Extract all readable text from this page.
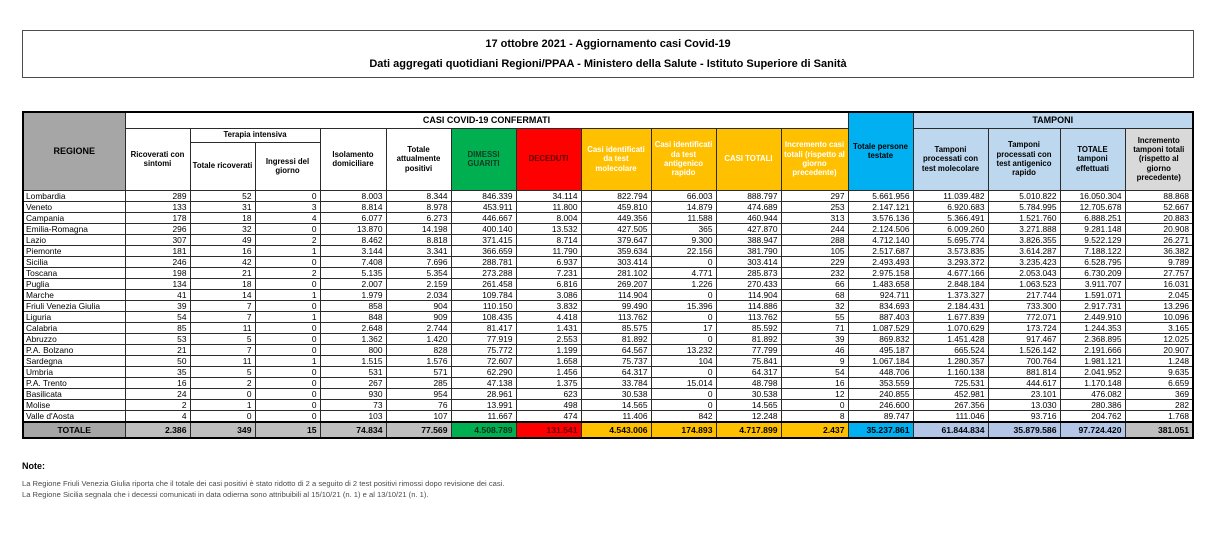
17 ottobre 2021 - Aggiornamento casi Covid-19
Dati aggregati quotidiani Regioni/PPAA - Ministero della Salute - Istituto Superiore di Sanità
REGIONE	CASI COVID-19 CONFERMATI											Totale persone testate	TAMPONI			
	Ricoverati con sintomi	Terapia intensiva		Isolamento domiciliare	Totale attualmente positivi	DIMESSI GUARITI	DECEDUTI	Casi identificati da test molecolare	Casi identificati da test antigenico rapido	CASI TOTALI	Incremento casi totali (rispetto al giorno precedente)		Tamponi processati con test molecolare	Tamponi processati con test antigenico rapido	TOTALE tamponi effettuati	Incremento tamponi totali (rispetto al giorno precedente)
		Totale ricoverati	Ingressi del giorno													
Lombardia	289	52	0	8.003	8.344	846.339	34.114	822.794	66.003	888.797	297	5.661.956	11.039.482	5.010.822	16.050.304	88.868
Veneto	133	31	3	8.814	8.978	453.911	11.800	459.810	14.879	474.689	253	2.147.121	6.920.683	5.784.995	12.705.678	52.667
Campania	178	18	4	6.077	6.273	446.667	8.004	449.356	11.588	460.944	313	3.576.136	5.366.491	1.521.760	6.888.251	20.883
Emilia-Romagna	296	32	0	13.870	14.198	400.140	13.532	427.505	365	427.870	244	2.124.506	6.009.260	3.271.888	9.281.148	20.908
Lazio	307	49	2	8.462	8.818	371.415	8.714	379.647	9.300	388.947	288	4.712.140	5.695.774	3.826.355	9.522.129	26.271
Piemonte	181	16	1	3.144	3.341	366.659	11.790	359.634	22.156	381.790	105	2.517.687	3.573.835	3.614.287	7.188.122	36.382
Sicilia	246	42	0	7.408	7.696	288.781	6.937	303.414	0	303.414	229	2.493.493	3.293.372	3.235.423	6.528.795	9.789
Toscana	198	21	2	5.135	5.354	273.288	7.231	281.102	4.771	285.873	232	2.975.158	4.677.166	2.053.043	6.730.209	27.757
Puglia	134	18	0	2.007	2.159	261.458	6.816	269.207	1.226	270.433	66	1.483.658	2.848.184	1.063.523	3.911.707	16.031
Marche	41	14	1	1.979	2.034	109.784	3.086	114.904	0	114.904	68	924.711	1.373.327	217.744	1.591.071	2.045
Friuli Venezia Giulia	39	7	0	858	904	110.150	3.832	99.490	15.396	114.886	32	834.693	2.184.431	733.300	2.917.731	13.296
Liguria	54	7	1	848	909	108.435	4.418	113.762	0	113.762	55	887.403	1.677.839	772.071	2.449.910	10.096
Calabria	85	11	0	2.648	2.744	81.417	1.431	85.575	17	85.592	71	1.087.529	1.070.629	173.724	1.244.353	3.165
Abruzzo	53	5	0	1.362	1.420	77.919	2.553	81.892	0	81.892	39	869.832	1.451.428	917.467	2.368.895	12.025
P.A. Bolzano	21	7	0	800	828	75.772	1.199	64.567	13.232	77.799	46	495.187	665.524	1.526.142	2.191.666	20.907
Sardegna	50	11	1	1.515	1.576	72.607	1.658	75.737	104	75.841	9	1.067.184	1.280.357	700.764	1.981.121	1.248
Umbria	35	5	0	531	571	62.290	1.456	64.317	0	64.317	54	448.706	1.160.138	881.814	2.041.952	9.635
P.A. Trento	16	2	0	267	285	47.138	1.375	33.784	15.014	48.798	16	353.559	725.531	444.617	1.170.148	6.659
Basilicata	24	0	0	930	954	28.961	623	30.538	0	30.538	12	240.855	452.981	23.101	476.082	369
Molise	2	1	0	73	76	13.991	498	14.565	0	14.565	0	246.600	267.356	13.030	280.386	282
Valle d'Aosta	4	0	0	103	107	11.667	474	11.406	842	12.248	8	89.747	111.046	93.716	204.762	1.768
TOTALE	2.386	349	15	74.834	77.569	4.508.789	131.541	4.543.006	174.893	4.717.899	2.437	35.237.861	61.844.834	35.879.586	97.724.420	381.051
Note:
La Regione Friuli Venezia Giulia riporta che il totale dei casi positivi è stato ridotto di 2 a seguito di 2 test positivi rimossi dopo revisione dei casi.
La Regione Sicilia segnala che i decessi comunicati in data odierna sono attribuibili al 15/10/21 (n. 1) e al 13/10/21 (n. 1).
